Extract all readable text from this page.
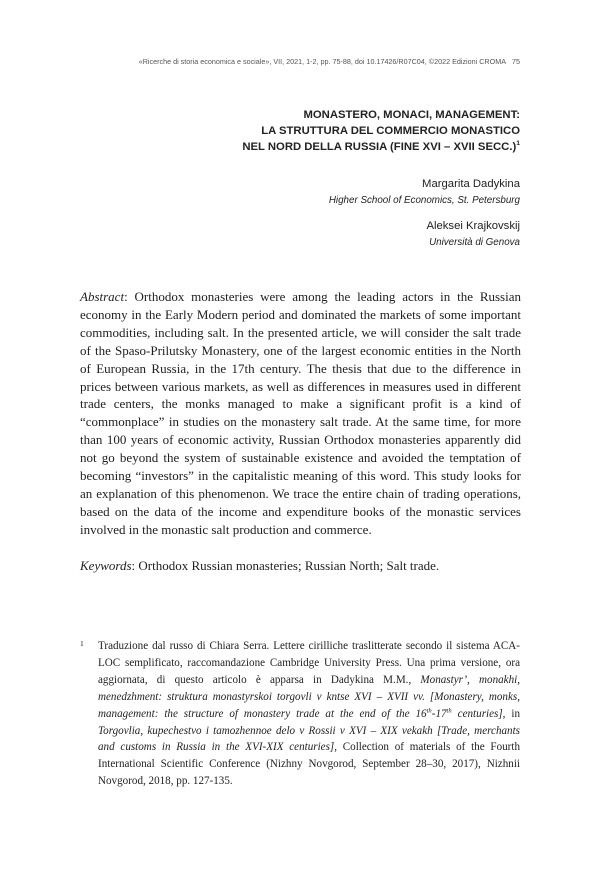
«Ricerche di storia economica e sociale», VII, 2021, 1-2, pp. 75-88, doi 10.17426/R07C04, ©2022 Edizioni CROMA 75
MONASTERO, MONACI, MANAGEMENT:
LA STRUTTURA DEL COMMERCIO MONASTICO
NEL NORD DELLA RUSSIA (FINE XVI – XVII SECC.)$^1$
Margarita Dadykina
Higher School of Economics, St. Petersburg
Aleksei Krajkovskij
Università di Genova
Abstract: Orthodox monasteries were among the leading actors in the Russian economy in the Early Modern period and dominated the markets of some important commodities, including salt. In the presented article, we will consider the salt trade of the Spaso-Prilutsky Monastery, one of the largest economic entities in the North of European Russia, in the 17th century. The thesis that due to the difference in prices between various markets, as well as differences in measures used in different trade centers, the monks managed to make a significant profit is a kind of “commonplace” in studies on the monastery salt trade. At the same time, for more than 100 years of economic activity, Russian Orthodox monasteries apparently did not go beyond the system of sustainable existence and avoided the temptation of becoming “investors” in the capitalistic meaning of this word. This study looks for an explanation of this phenomenon. We trace the entire chain of trading operations, based on the data of the income and expenditure books of the monastic services involved in the monastic salt production and commerce.
Keywords: Orthodox Russian monasteries; Russian North; Salt trade.
1 Traduzione dal russo di Chiara Serra. Lettere cirilliche traslitterate secondo il sistema ACA-LOC semplificato, raccomandazione Cambridge University Press. Una prima versione, ora aggiornata, di questo articolo è apparsa in Dadykina M.M., Monastyr’, monakhi, menedzhment: struktura monastyrskoi torgovli v kntse XVI – XVII vv. [Monastery, monks, management: the structure of monastery trade at the end of the 16th-17th centuries], in Torgovlia, kupechestvo i tamozhennoe delo v Rossii v XVI – XIX vekakh [Trade, merchants and customs in Russia in the XVI-XIX centuries], Collection of materials of the Fourth International Scientific Conference (Nizhny Novgorod, September 28–30, 2017), Nizhnii Novgorod, 2018, pp. 127-135.
